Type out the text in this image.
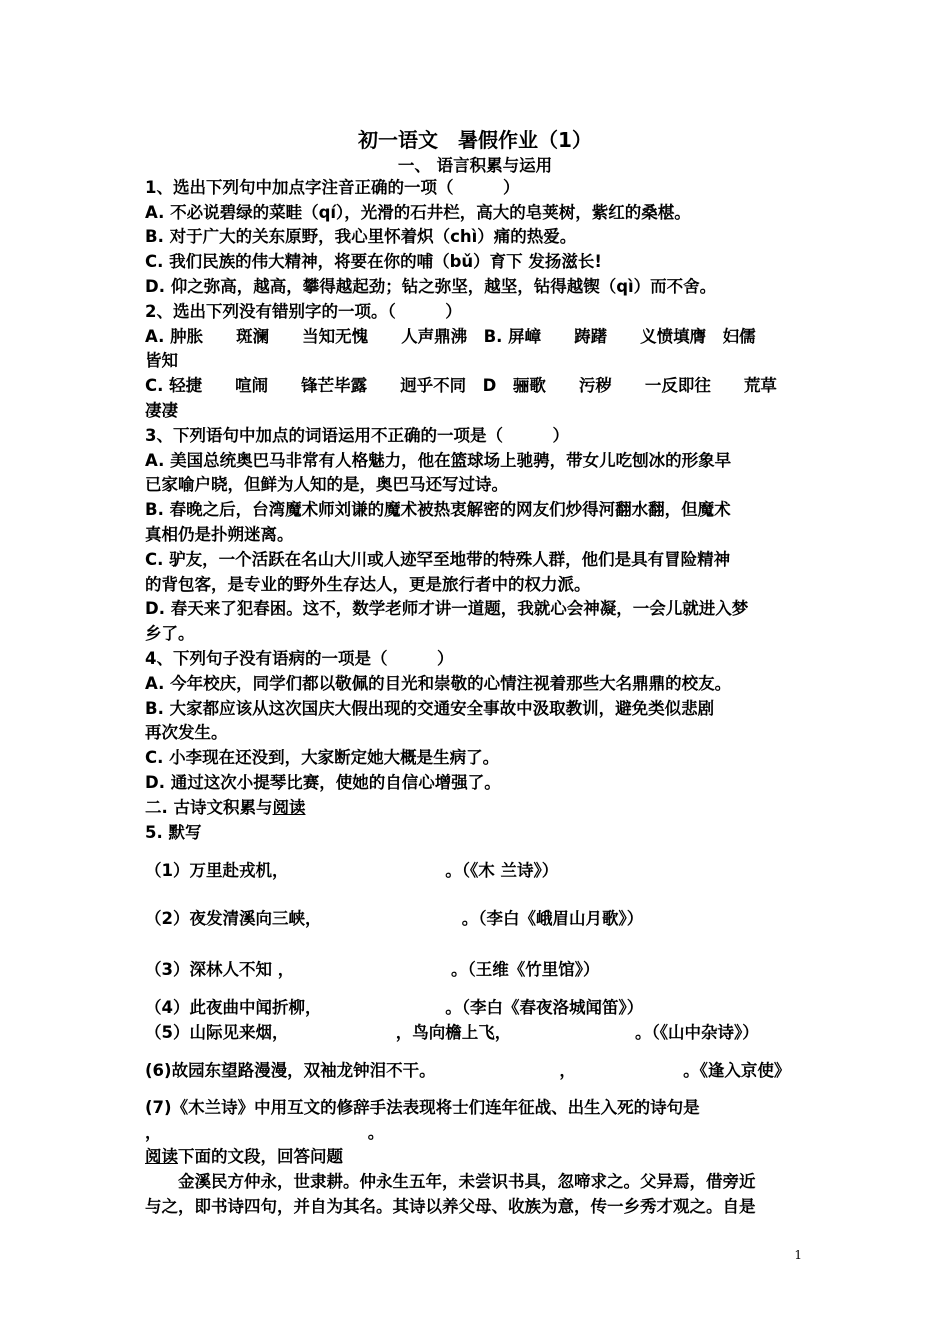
初一语文　暑假作业（1）
一、 语言积累与运用
1、选出下列句中加点字注音正确的一项（　　　）
A. 不必说碧绿的菜畦（qí），光滑的石井栏，高大的皂荚树，紫红的桑椹。
B. 对于广大的关东原野，我心里怀着炽（chì）痛的热爱。
C. 我们民族的伟大精神，将要在你的哺（bǔ）育下 发扬滋长!
D. 仰之弥高，越高，攀得越起劲；钻之弥坚，越坚，钻得越锲（qì）而不舍。
2、选出下列没有错别字的一项。（　　　）
A. 肿胀　　斑澜　　当知无愧　　人声鼎沸　B. 屏嶂　　踌躇　　义愤填膺　妇儒
皆知
C. 轻捷　　喧闹　　锋芒毕露　　迥乎不同　D　骊歌　　污秽　　一反即往　　荒草
凄凄
3、下列语句中加点的词语运用不正确的一项是（　　　）
A. 美国总统奥巴马非常有人格魅力，他在篮球场上驰骋，带女儿吃刨冰的形象早
已家喻户晓，但鲜为人知的是，奥巴马还写过诗。
B. 春晚之后，台湾魔术师刘谦的魔术被热衷解密的网友们炒得河翻水翻，但魔术
真相仍是扑朔迷离。
C. 驴友，一个活跃在名山大川或人迹罕至地带的特殊人群，他们是具有冒险精神
的背包客，是专业的野外生存达人，更是旅行者中的权力派。
D. 春天来了犯春困。这不，数学老师才讲一道题，我就心会神凝，一会儿就进入梦
乡了。
4、下列句子没有语病的一项是（　　　）
A. 今年校庆，同学们都以敬佩的目光和崇敬的心情注视着那些大名鼎鼎的校友。
B. 大家都应该从这次国庆大假出现的交通安全事故中汲取教训，避免类似悲剧
再次发生。
C. 小李现在还没到，大家断定她大概是生病了。
D. 通过这次小提琴比赛，使她的自信心增强了。
二. 古诗文积累与阅读
5. 默写
（1）万里赴戎机，　　　　　　　　　　。（《木 兰诗》）
（2）夜发清溪向三峡，　　　　　　　　　。（李白《峨眉山月歌》）
（3）深林人不知 ，　　　　　　　　　　。（王维《竹里馆》）
（4）此夜曲中闻折柳，　　　　　　　　。（李白《春夜洛城闻笛》）
（5）山际见来烟，　　　　　　　，鸟向檐上飞，　　　　　　　　。（《山中杂诗》）
(6)故园东望路漫漫，双袖龙钟泪不干。　　　　　　　　，　　　　　　　。《逢入京使》
(7)《木兰诗》中用互文的修辞手法表现将士们连年征战、出生入死的诗句是
，　　　　　　　　　　　　　。
阅读下面的文段，回答问题
　　金溪民方仲永，世隶耕。仲永生五年，未尝识书具，忽啼求之。父异焉，借旁近
与之，即书诗四句，并自为其名。其诗以养父母、收族为意，传一乡秀才观之。自是
1
